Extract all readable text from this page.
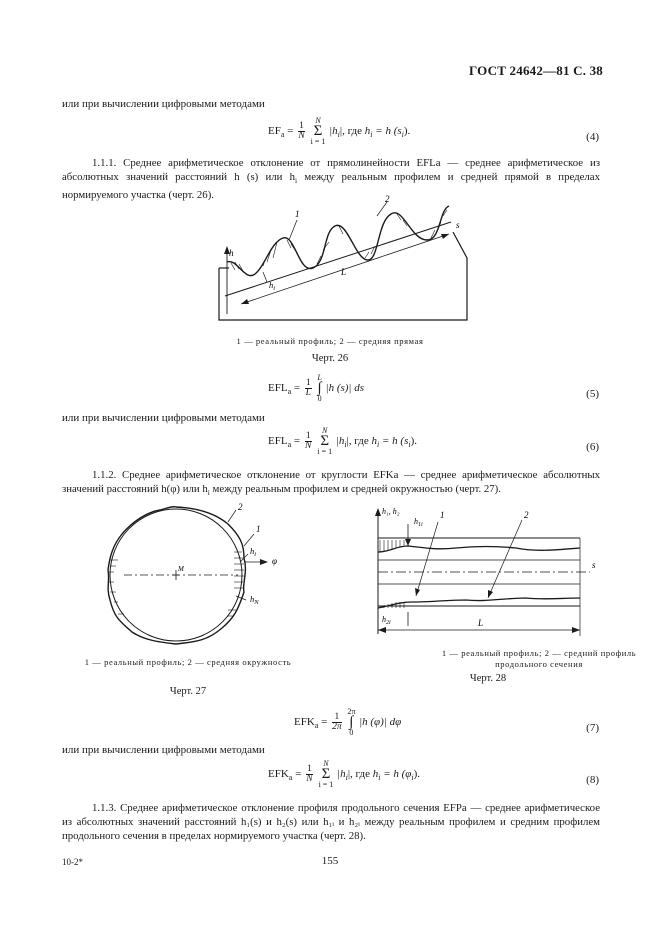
ГОСТ 24642—81 С. 38
или при вычислении цифровыми методами
$EF_a = \frac{1}{N}$

N
Σ
i = 1
$|h_i|$, где $h_i = h$ $(s_i)$.	(4)
1.1.1. Среднее арифметическое отклонение от прямолинейности EFLa — среднее арифметическое из абсолютных значений расстояний h (s) или $h_i$ между реальным профилем и средней прямой в пределах нормируемого участка (черт. 26).
1
2
s
h
$h_i$
L
1 — реальный профиль; 2 — средняя прямая
Черт. 26
$EFL_a = \frac{1}{L}$

L
∫
0
|h (s)| ds	(5)
или при вычислении цифровыми методами
$EFL_a = \frac{1}{N}$

N
Σ
i = 1
$|h_i|$, где $h_i = h$ $(s_i)$.	(6)
1.1.2. Среднее арифметическое отклонение от круглости EFKa — среднее арифметическое абсолютных значений расстояний h(φ) или $h_i$ между реальным профилем и средней окружностью (черт. 27).
2
1
$h_i$
φ
M
$h_N$
1 — реальный профиль; 2 — средняя окружность
Черт. 27
h₁, h₂
$h_{1i}$
1	2
s
$h_{2i}$	L
1 — реальный профиль; 2 — средний профиль продольного сечения
Черт. 28
$EFK_a = \frac{1}{2\pi}$

2π
∫
0
|h (φ)| dφ	(7)
или при вычислении цифровыми методами
$EFK_a = \frac{1}{N}$

N
Σ
i = 1
$|h_i|$, где $h_i = h$ $(\varphi_i)$.	(8)
1.1.3. Среднее арифметическое отклонение профиля продольного сечения EFPa — среднее арифметическое из абсолютных значений расстояний h₁(s) и h₂(s) или h₁ᵢ и h₂ᵢ между реальным профилем и средним профилем продольного сечения в пределах нормируемого участка (черт. 28).
10-2*	155
